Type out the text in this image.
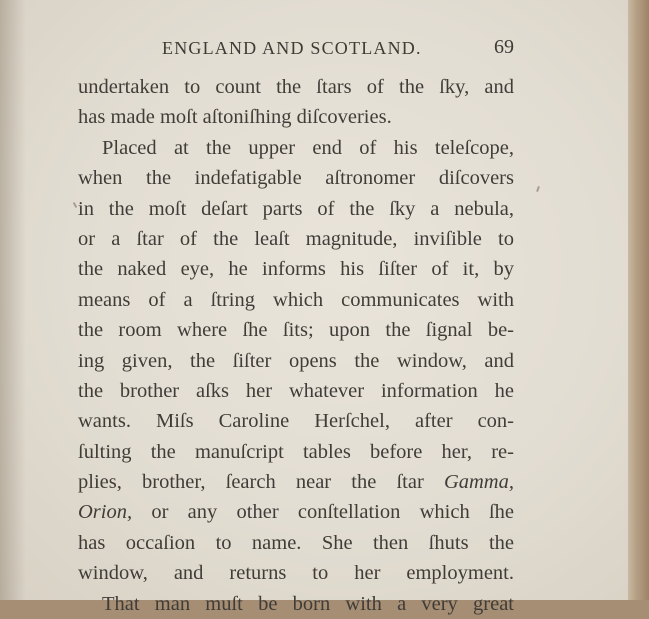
ENGLAND AND SCOTLAND.	69
undertaken to count the ſtars of the ſky, and
has made moſt aſtoniſhing diſcoveries.
Placed at the upper end of his teleſcope,
when the indefatigable aſtronomer diſcovers
in the moſt deſart parts of the ſky a nebula,
or a ſtar of the leaſt magnitude, inviſible to
the naked eye, he informs his ſiſter of it, by
means of a ſtring which communicates with
the room where ſhe ſits; upon the ſignal be-
ing given, the ſiſter opens the window, and
the brother aſks her whatever information he
wants. Miſs Caroline Herſchel, after con-
ſulting the manuſcript tables before her, re-
plies, brother, ſearch near the ſtar Gamma,
Orion, or any other conſtellation which ſhe
has occaſion to name. She then ſhuts the
window, and returns to her employment.
That man muſt be born with a very great
